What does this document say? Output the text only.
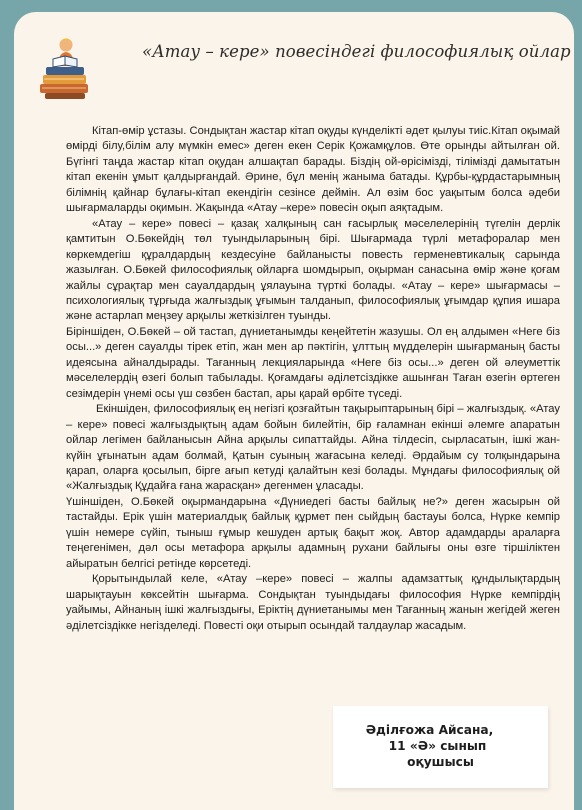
«Атау – кере» повесіндегі философиялық ойлар

Кітап-өмір ұстазы. Сондықтан жастар кітап оқуды күнделікті әдет қылуы тиіс.Кітап оқымай өмірді білу,білім алу мүмкін емес» деген екен Серік Қожамқұлов. Өте орынды айтылған ой. Бүгінгі таңда жастар кітап оқудан алшақтап барады. Біздің ой-өрісімізді, тілімізді дамытатын кітап екенін ұмыт қалдырғандай. Әрине, бұл менің жаныма батады. Құрбы-құрдастарымның білімнің қайнар бұлағы-кітап екендігін сезінсе деймін. Ал өзім бос уақытым болса әдеби шығармаларды оқимын. Жақында «Атау –кере» повесін оқып аяқтадым.

«Атау – кере» повесі – қазақ халқының сан ғасырлық мәселелерінің түгелін дерлік қамтитын О.Бөкейдің төл туындыларының бірі. Шығармада түрлі метафоралар мен көркемдегіш құралдардың кездесуіне байланысты повесть герменевтикалық сарында жазылған. О.Бөкей философиялық ойларға шомдырып, оқырман санасына өмір және қоғам жайлы сұрақтар мен сауалдардың ұялауына түрткі болады. «Атау – кере» шығармасы – психологиялық тұрғыда жалғыздық ұғымын талданып, философиялық ұғымдар құпия ишара және астарлап меңзеу арқылы жеткізілген туынды.

Біріншіден, О.Бөкей – ой тастап, дүниетанымды кеңейтетін жазушы. Ол ең алдымен «Неге біз осы...» деген сауалды тірек етіп, жан мен ар пәктігін, ұлттың мүдделерін шығарманың басты идеясына айналдырады. Тағанның лекцияларында «Неге біз осы...» деген ой әлеуметтік мәселелердің өзегі болып табылады. Қоғамдағы әділетсіздікке ашынған Таған өзегін өртеген сезімдерін үнемі осы үш сөзбен бастап, ары қарай өрбіте түседі.

Екіншіден, философиялық ең негізгі қозғайтын тақырыптарының бірі – жалғыздық. «Атау – кере» повесі жалғыздықтың адам бойын билейтін, бір ғаламнан екінші әлемге апаратын ойлар легімен байланысын Айна арқылы сипаттайды. Айна тілдесіп, сырласатын, ішкі жан-күйін ұғынатын адам болмай, Қатын суының жағасына келеді. Әрдайым су толқындарына қарап, оларға қосылып, бірге ағып кетуді қалайтын кезі болады. Мұндағы философиялық ой «Жалғыздық Құдайға ғана жарасқан» дегенмен ұласады.

Үшіншіден, О.Бөкей оқырмандарына «Дүниедегі басты байлық не?» деген жасырын ой тастайды. Ерік үшін материалдық байлық құрмет пен сыйдың бастауы болса, Нүрке кемпір үшін немере сүйіп, тыныш ғұмыр кешуден артық бақыт жоқ. Автор адамдарды араларға теңегенімен, дәл осы метафора арқылы адамның рухани байлығы оны өзге тіршіліктен айыратын белгісі ретінде көрсетеді.

Қорытындылай келе, «Атау –кере» повесі – жалпы адамзаттық құндылықтардың шарықтауын көксейтін шығарма. Сондықтан туындыдағы философия Нүрке кемпірдің уайымы, Айнаның ішкі жалғыздығы, Еріктің дүниетанымы мен Тағанның жанын жегідей жеген әділетсіздікке негізделеді. Повесті оқи отырып осындай талдаулар жасадым.

Әділғожа Айсана,
11 «Ә» сынып
оқушысы
